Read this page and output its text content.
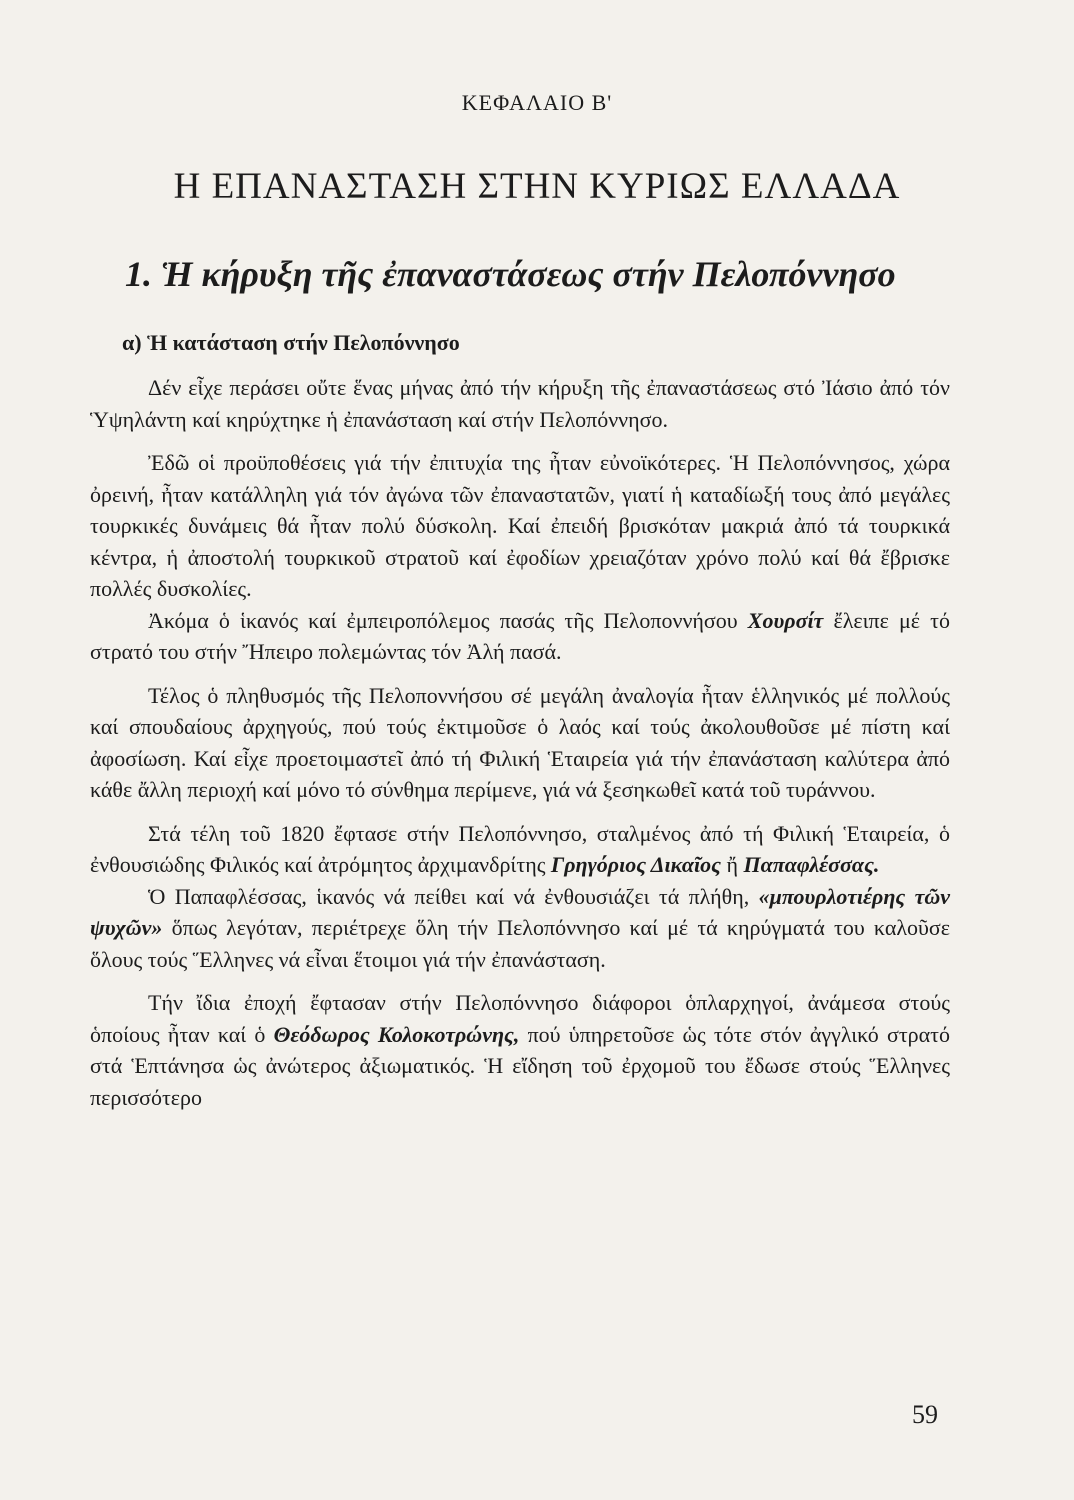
ΚΕΦΑΛΑΙΟ Β'
Η ΕΠΑΝΑΣΤΑΣΗ ΣΤΗΝ ΚΥΡΙΩΣ ΕΛΛΑΔΑ
1. Ἡ κήρυξη τῆς ἐπαναστάσεως στήν Πελοπόννησο
α) Ἡ κατάσταση στήν Πελοπόννησο

Δέν εἶχε περάσει οὔτε ἕνας μήνας ἀπό τήν κήρυξη τῆς ἐπαναστάσεως στό Ἰάσιο ἀπό τόν Ὑψηλάντη καί κηρύχτηκε ἡ ἐπανάσταση καί στήν Πελοπόννησο.

Ἐδῶ οἱ προϋποθέσεις γιά τήν ἐπιτυχία της ἦταν εὐνοϊκότερες. Ἡ Πελοπόννησος, χώρα ὀρεινή, ἦταν κατάλληλη γιά τόν ἀγώνα τῶν ἐπαναστατῶν, γιατί ἡ καταδίωξή τους ἀπό μεγάλες τουρκικές δυνάμεις θά ἦταν πολύ δύσκολη. Καί ἐπειδή βρισκόταν μακριά ἀπό τά τουρκικά κέντρα, ἡ ἀποστολή τουρκικοῦ στρατοῦ καί ἐφοδίων χρειαζόταν χρόνο πολύ καί θά ἔβρισκε πολλές δυσκολίες.

Ἀκόμα ὁ ἱκανός καί ἐμπειροπόλεμος πασάς τῆς Πελοποννήσου Χουρσίτ ἔλειπε μέ τό στρατό του στήν Ἤπειρο πολεμώντας τόν Ἀλή πασά.

Τέλος ὁ πληθυσμός τῆς Πελοποννήσου σέ μεγάλη ἀναλογία ἦταν ἑλληνικός μέ πολλούς καί σπουδαίους ἀρχηγούς, πού τούς ἐκτιμοῦσε ὁ λαός καί τούς ἀκολουθοῦσε μέ πίστη καί ἀφοσίωση. Καί εἶχε προετοιμαστεῖ ἀπό τή Φιλική Ἑταιρεία γιά τήν ἐπανάσταση καλύτερα ἀπό κάθε ἄλλη περιοχή καί μόνο τό σύνθημα περίμενε, γιά νά ξεσηκωθεῖ κατά τοῦ τυράννου.

Στά τέλη τοῦ 1820 ἔφτασε στήν Πελοπόννησο, σταλμένος ἀπό τή Φιλική Ἑταιρεία, ὁ ἐνθουσιώδης Φιλικός καί ἀτρόμητος ἀρχιμανδρίτης Γρηγόριος Δικαῖος ἤ Παπαφλέσσας.

Ὁ Παπαφλέσσας, ἱκανός νά πείθει καί νά ἐνθουσιάζει τά πλήθη, «μπουρλοτιέρης τῶν ψυχῶν» ὅπως λεγόταν, περιέτρεχε ὅλη τήν Πελοπόννησο καί μέ τά κηρύγματά του καλοῦσε ὅλους τούς Ἕλληνες νά εἶναι ἕτοιμοι γιά τήν ἐπανάσταση.

Τήν ἴδια ἐποχή ἔφτασαν στήν Πελοπόννησο διάφοροι ὁπλαρχηγοί, ἀνάμεσα στούς ὁποίους ἦταν καί ὁ Θεόδωρος Κολοκοτρώνης, πού ὑπηρετοῦσε ὡς τότε στόν ἀγγλικό στρατό στά Ἑπτάνησα ὡς ἀνώτερος ἀξιωματικός. Ἡ εἴδηση τοῦ ἐρχομοῦ του ἔδωσε στούς Ἕλληνες περισσότερο

59
